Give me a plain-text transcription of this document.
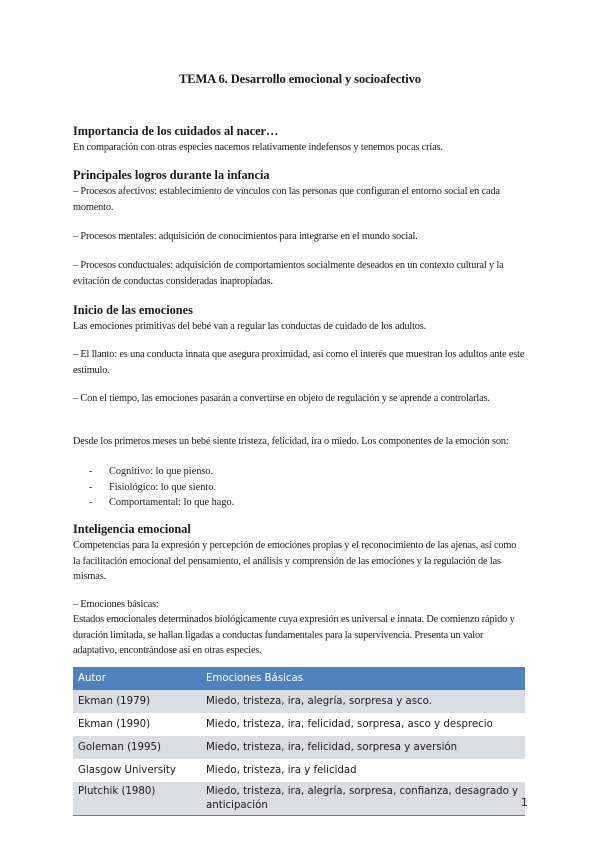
TEMA 6. Desarrollo emocional y socioafectivo
Importancia de los cuidados al nacer…

En comparación con otras especies nacemos relativamente indefensos y tenemos pocas crías.

Principales logros durante la infancia

– Procesos afectivos: establecimiento de vínculos con las personas que configuran el entorno social en cada momento.

– Procesos mentales: adquisición de conocimientos para integrarse en el mundo social.

– Procesos conductuales: adquisición de comportamientos socialmente deseados en un contexto cultural y la evitación de conductas consideradas inapropiadas.

Inicio de las emociones

Las emociones primitivas del bebé van a regular las conductas de cuidado de los adultos.

– El llanto: es una conducta innata que asegura proximidad, así como el interés que muestran los adultos ante este estímulo.

– Con el tiempo, las emociones pasarán a convertirse en objeto de regulación y se aprende a controlarlas.

Desde los primeros meses un bebé siente tristeza, felicidad, ira o miedo. Los componentes de la emoción son:

- Cognitivo: lo que pienso.
- Fisiológico: lo que siento.
- Comportamental: lo que hago.
Inteligencia emocional

Competencias para la expresión y percepción de emociones propias y el reconocimiento de las ajenas, así como la facilitación emocional del pensamiento, el análisis y comprensión de las emociones y la regulación de las mismas.

– Emociones básicas:

Estados emocionales determinados biológicamente cuya expresión es universal e innata. De comienzo rápido y duración limitada, se hallan ligadas a conductas fundamentales para la supervivencia. Presenta un valor adaptativo, encontrándose así en otras especies.

Autor	Emociones Básicas
Ekman (1979)	Miedo, tristeza, ira, alegría, sorpresa y asco.
Ekman (1990)	Miedo, tristeza, ira, felicidad, sorpresa, asco y desprecio
Goleman (1995)	Miedo, tristeza, ira, felicidad, sorpresa y aversión
Glasgow University	Miedo, tristeza, ira y felicidad
Plutchik (1980)	Miedo, tristeza, ira, alegría, sorpresa, confianza, desagrado y anticipación	1
